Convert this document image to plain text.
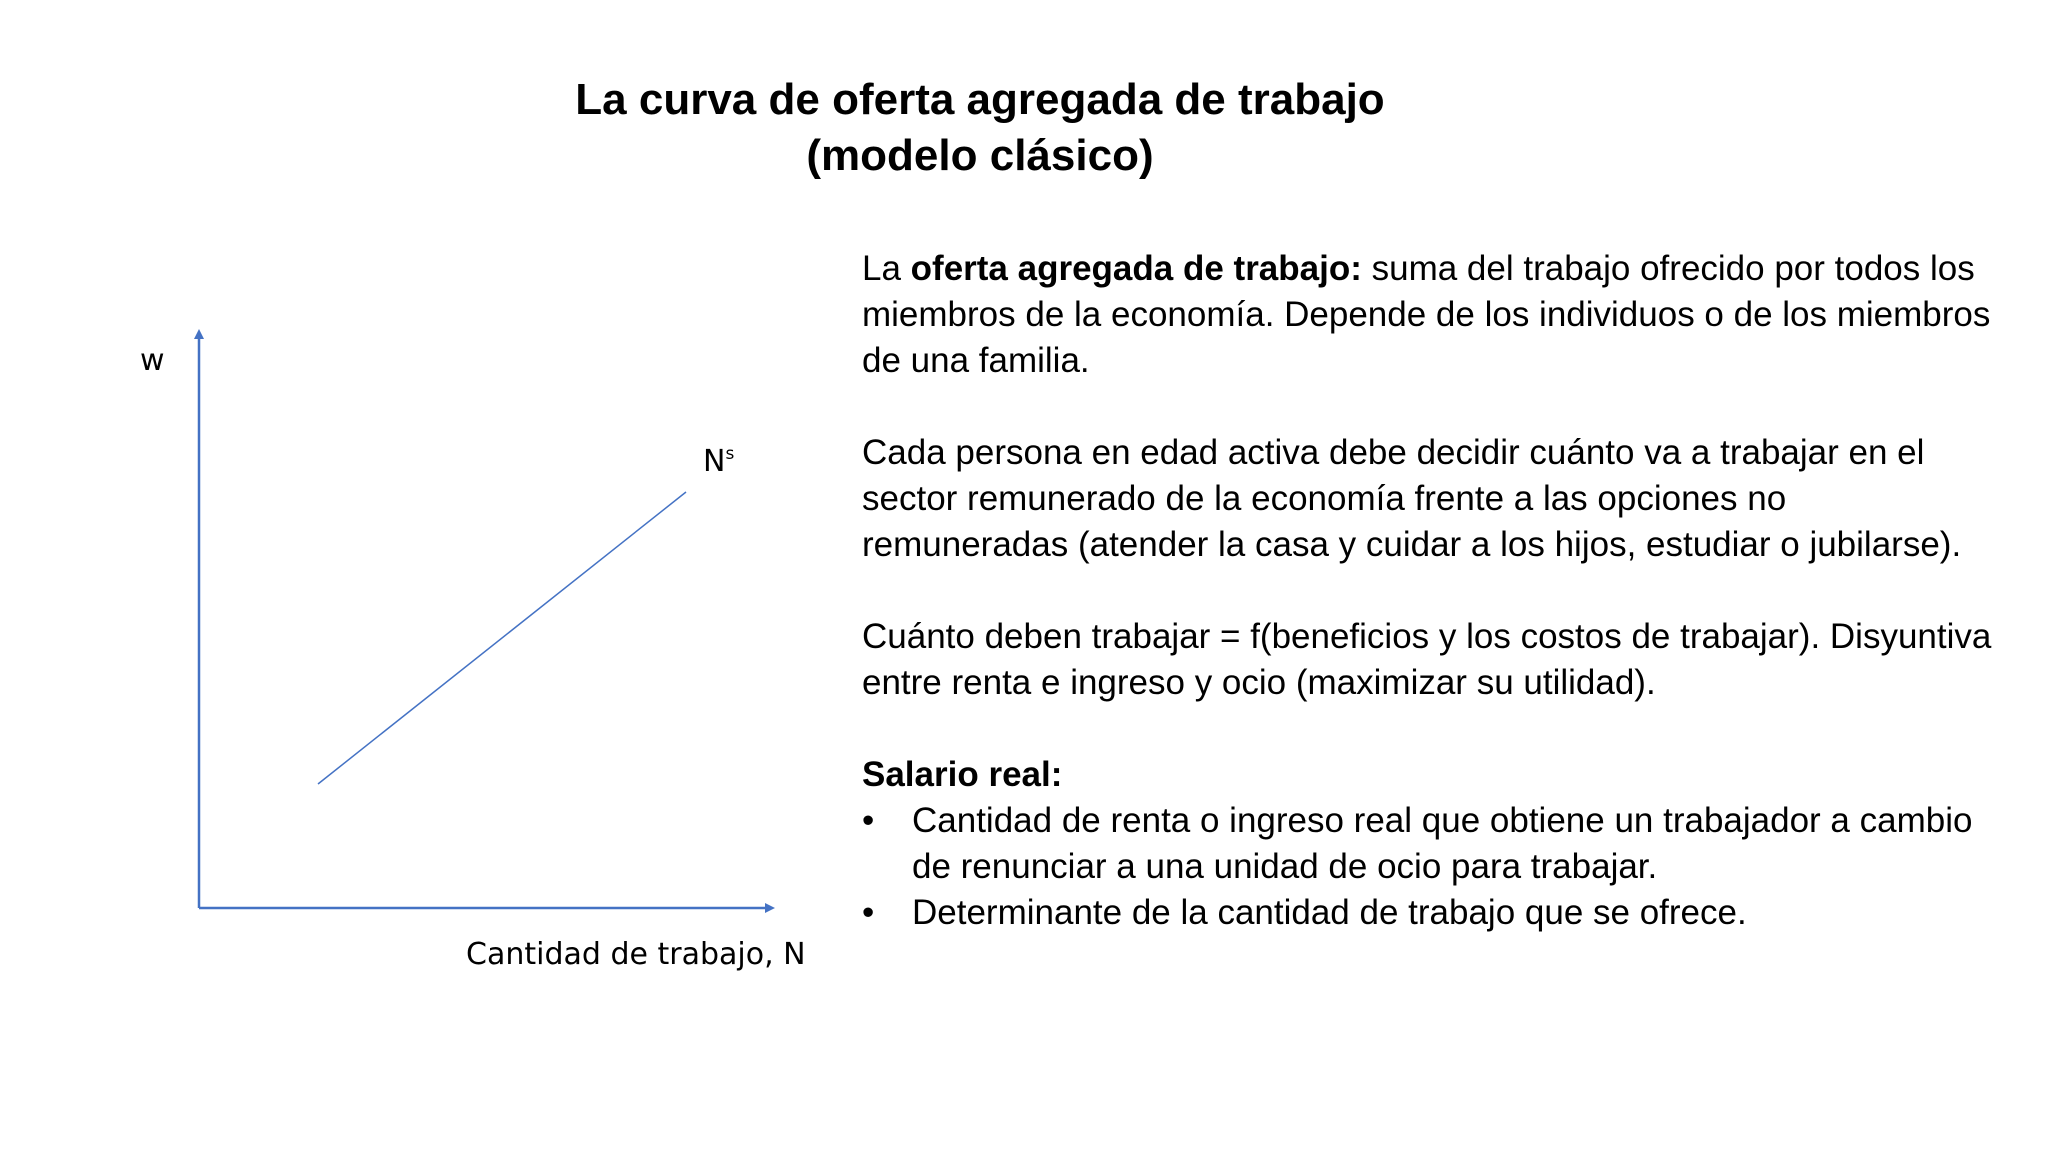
La curva de oferta agregada de trabajo
(modelo clásico)
w
$N^s$
Cantidad de trabajo, N

La oferta agregada de trabajo: suma del trabajo ofrecido por todos los miembros de la economía. Depende de los individuos o de los miembros de una familia.

Cada persona en edad activa debe decidir cuánto va a trabajar en el sector remunerado de la economía frente a las opciones no remuneradas (atender la casa y cuidar a los hijos, estudiar o jubilarse).

Cuánto deben trabajar = f(beneficios y los costos de trabajar). Disyuntiva entre renta e ingreso y ocio (maximizar su utilidad).

Salario real:

• Cantidad de renta o ingreso real que obtiene un trabajador a cambio de renunciar a una unidad de ocio para trabajar.
• Determinante de la cantidad de trabajo que se ofrece.
